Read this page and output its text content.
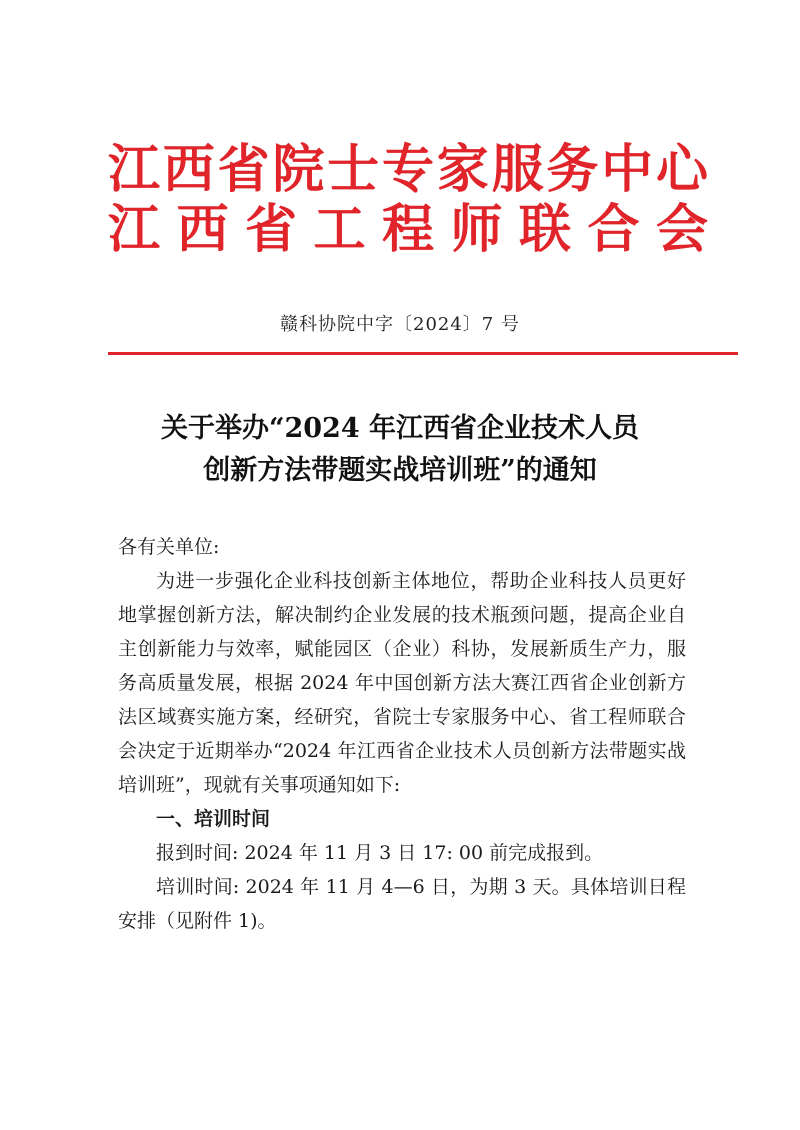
江西省院士专家服务中心
江西省工程师联合会
赣科协院中字〔2024〕7 号
关于举办“2024 年江西省企业技术人员
创新方法带题实战培训班”的通知
各有关单位:

为进一步强化企业科技创新主体地位，帮助企业科技人员更好地掌握创新方法，解决制约企业发展的技术瓶颈问题，提高企业自主创新能力与效率，赋能园区（企业）科协，发展新质生产力，服务高质量发展，根据 2024 年中国创新方法大赛江西省企业创新方法区域赛实施方案，经研究，省院士专家服务中心、省工程师联合会决定于近期举办“2024 年江西省企业技术人员创新方法带题实战培训班”，现就有关事项通知如下:

一、培训时间

报到时间: 2024 年 11 月 3 日 17: 00 前完成报到。

培训时间: 2024 年 11 月 4—6 日，为期 3 天。具体培训日程安排（见附件 1)。
